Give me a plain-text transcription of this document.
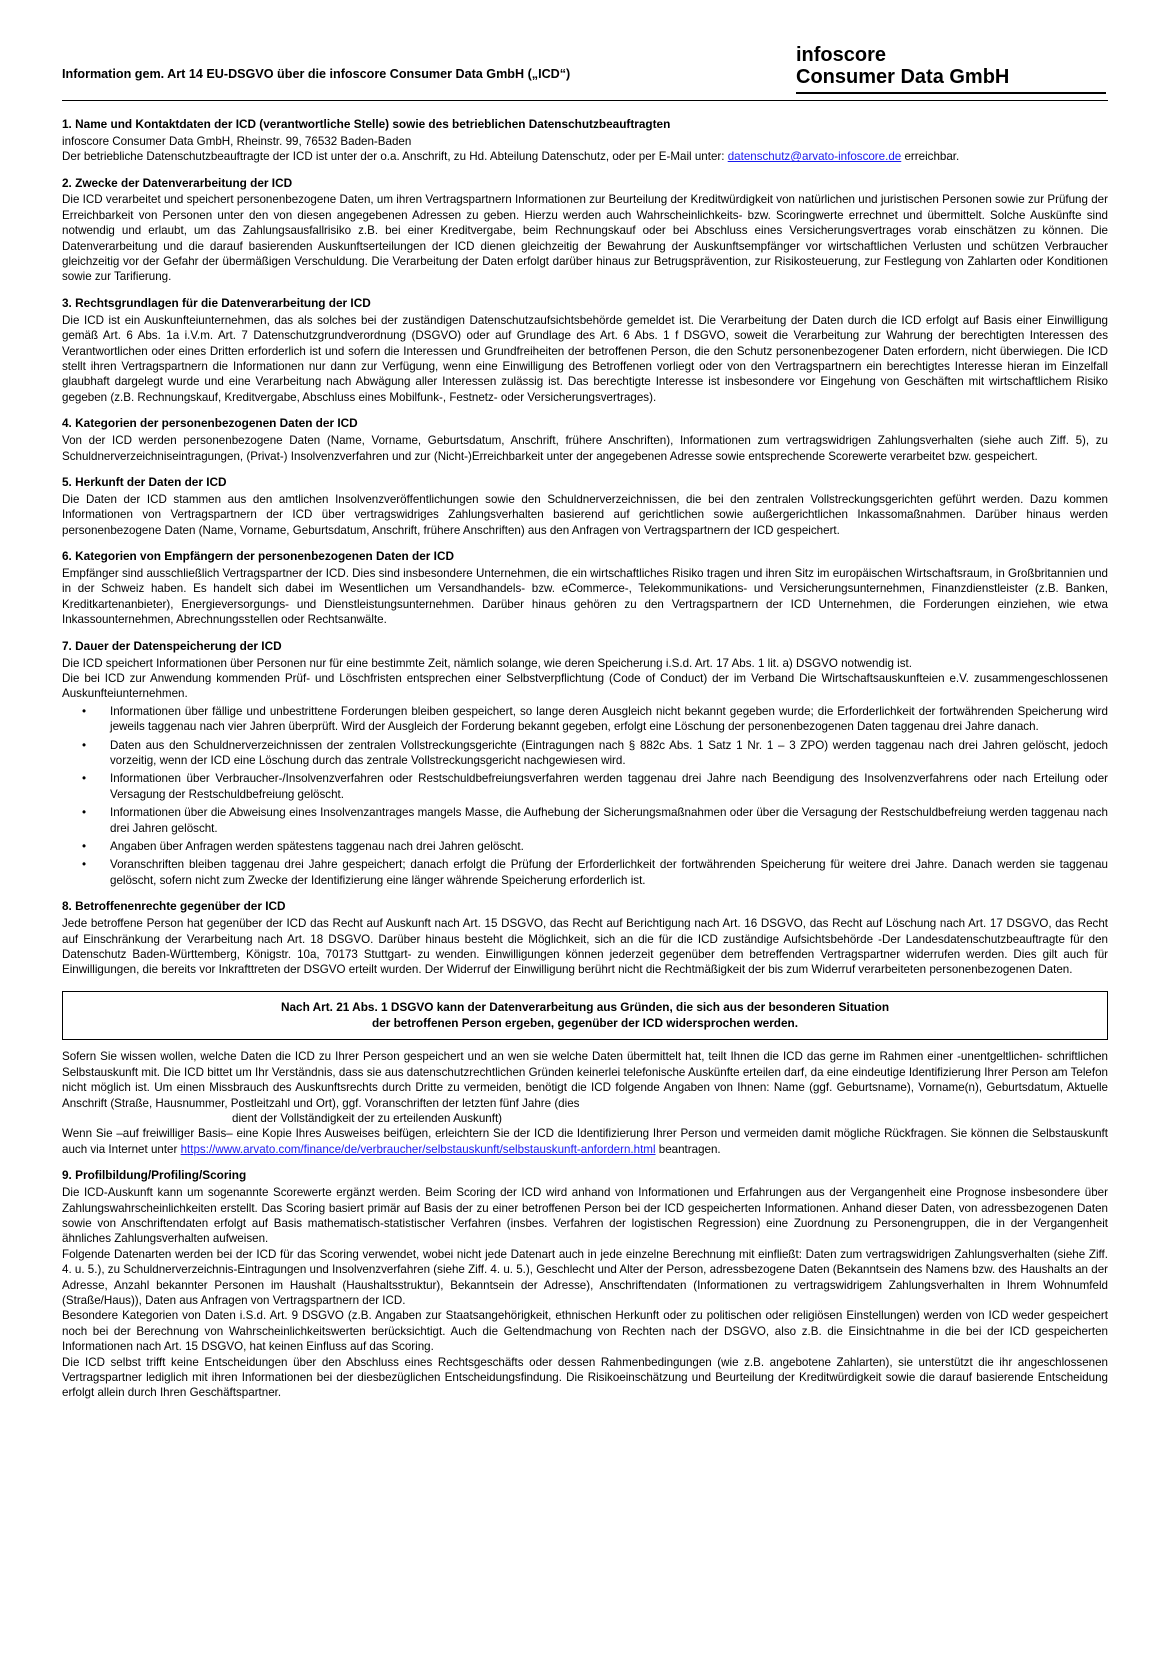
Information gem. Art 14 EU-DSGVO über die infoscore Consumer Data GmbH („ICD“)
infoscore
Consumer Data GmbH
1. Name und Kontaktdaten der ICD (verantwortliche Stelle) sowie des betrieblichen Datenschutzbeauftragten

infoscore Consumer Data GmbH, Rheinstr. 99, 76532 Baden-Baden

Der betriebliche Datenschutzbeauftragte der ICD ist unter der o.a. Anschrift, zu Hd. Abteilung Datenschutz, oder per E-Mail unter: datenschutz@arvato-infoscore.de erreichbar.

2. Zwecke der Datenverarbeitung der ICD

Die ICD verarbeitet und speichert personenbezogene Daten, um ihren Vertragspartnern Informationen zur Beurteilung der Kreditwürdigkeit von natürlichen und juristischen Personen sowie zur Prüfung der Erreichbarkeit von Personen unter den von diesen angegebenen Adressen zu geben. Hierzu werden auch Wahrscheinlichkeits- bzw. Scoringwerte errechnet und übermittelt. Solche Auskünfte sind notwendig und erlaubt, um das Zahlungsausfallrisiko z.B. bei einer Kreditvergabe, beim Rechnungskauf oder bei Abschluss eines Versicherungsvertrages vorab einschätzen zu können. Die Datenverarbeitung und die darauf basierenden Auskunftserteilungen der ICD dienen gleichzeitig der Bewahrung der Auskunftsempfänger vor wirtschaftlichen Verlusten und schützen Verbraucher gleichzeitig vor der Gefahr der übermäßigen Verschuldung. Die Verarbeitung der Daten erfolgt darüber hinaus zur Betrugsprävention, zur Risikosteuerung, zur Festlegung von Zahlarten oder Konditionen sowie zur Tarifierung.

3. Rechtsgrundlagen für die Datenverarbeitung der ICD

Die ICD ist ein Auskunfteiunternehmen, das als solches bei der zuständigen Datenschutzaufsichtsbehörde gemeldet ist. Die Verarbeitung der Daten durch die ICD erfolgt auf Basis einer Einwilligung gemäß Art. 6 Abs. 1a i.V.m. Art. 7 Datenschutzgrundverordnung (DSGVO) oder auf Grundlage des Art. 6 Abs. 1 f DSGVO, soweit die Verarbeitung zur Wahrung der berechtigten Interessen des Verantwortlichen oder eines Dritten erforderlich ist und sofern die Interessen und Grundfreiheiten der betroffenen Person, die den Schutz personenbezogener Daten erfordern, nicht überwiegen. Die ICD stellt ihren Vertragspartnern die Informationen nur dann zur Verfügung, wenn eine Einwilligung des Betroffenen vorliegt oder von den Vertragspartnern ein berechtigtes Interesse hieran im Einzelfall glaubhaft dargelegt wurde und eine Verarbeitung nach Abwägung aller Interessen zulässig ist. Das berechtigte Interesse ist insbesondere vor Eingehung von Geschäften mit wirtschaftlichem Risiko gegeben (z.B. Rechnungskauf, Kreditvergabe, Abschluss eines Mobilfunk-, Festnetz- oder Versicherungsvertrages).

4. Kategorien der personenbezogenen Daten der ICD

Von der ICD werden personenbezogene Daten (Name, Vorname, Geburtsdatum, Anschrift, frühere Anschriften), Informationen zum vertragswidrigen Zahlungsverhalten (siehe auch Ziff. 5), zu Schuldnerverzeichniseintragungen, (Privat-) Insolvenzverfahren und zur (Nicht-)Erreichbarkeit unter der angegebenen Adresse sowie entsprechende Scorewerte verarbeitet bzw. gespeichert.

5. Herkunft der Daten der ICD

Die Daten der ICD stammen aus den amtlichen Insolvenzveröffentlichungen sowie den Schuldnerverzeichnissen, die bei den zentralen Vollstreckungsgerichten geführt werden. Dazu kommen Informationen von Vertragspartnern der ICD über vertragswidriges Zahlungsverhalten basierend auf gerichtlichen sowie außergerichtlichen Inkassomaßnahmen. Darüber hinaus werden personenbezogene Daten (Name, Vorname, Geburtsdatum, Anschrift, frühere Anschriften) aus den Anfragen von Vertragspartnern der ICD gespeichert.

6. Kategorien von Empfängern der personenbezogenen Daten der ICD

Empfänger sind ausschließlich Vertragspartner der ICD. Dies sind insbesondere Unternehmen, die ein wirtschaftliches Risiko tragen und ihren Sitz im europäischen Wirtschaftsraum, in Großbritannien und in der Schweiz haben. Es handelt sich dabei im Wesentlichen um Versandhandels- bzw. eCommerce-, Telekommunikations- und Versicherungsunternehmen, Finanzdienstleister (z.B. Banken, Kreditkartenanbieter), Energieversorgungs- und Dienstleistungsunternehmen. Darüber hinaus gehören zu den Vertragspartnern der ICD Unternehmen, die Forderungen einziehen, wie etwa Inkassounternehmen, Abrechnungsstellen oder Rechtsanwälte.

7. Dauer der Datenspeicherung der ICD

Die ICD speichert Informationen über Personen nur für eine bestimmte Zeit, nämlich solange, wie deren Speicherung i.S.d. Art. 17 Abs. 1 lit. a) DSGVO notwendig ist.

Die bei ICD zur Anwendung kommenden Prüf- und Löschfristen entsprechen einer Selbstverpflichtung (Code of Conduct) der im Verband Die Wirtschaftsauskunfteien e.V. zusammengeschlossenen Auskunfteiunternehmen.

• Informationen über fällige und unbestrittene Forderungen bleiben gespeichert, so lange deren Ausgleich nicht bekannt gegeben wurde; die Erforderlichkeit der fortwährenden Speicherung wird jeweils taggenau nach vier Jahren überprüft. Wird der Ausgleich der Forderung bekannt gegeben, erfolgt eine Löschung der personenbezogenen Daten taggenau drei Jahre danach.
• Daten aus den Schuldnerverzeichnissen der zentralen Vollstreckungsgerichte (Eintragungen nach § 882c Abs. 1 Satz 1 Nr. 1 – 3 ZPO) werden taggenau nach drei Jahren gelöscht, jedoch vorzeitig, wenn der ICD eine Löschung durch das zentrale Vollstreckungsgericht nachgewiesen wird.
• Informationen über Verbraucher-/Insolvenzverfahren oder Restschuldbefreiungsverfahren werden taggenau drei Jahre nach Beendigung des Insolvenzverfahrens oder nach Erteilung oder Versagung der Restschuldbefreiung gelöscht.
• Informationen über die Abweisung eines Insolvenzantrages mangels Masse, die Aufhebung der Sicherungsmaßnahmen oder über die Versagung der Restschuldbefreiung werden taggenau nach drei Jahren gelöscht.
• Angaben über Anfragen werden spätestens taggenau nach drei Jahren gelöscht.
• Voranschriften bleiben taggenau drei Jahre gespeichert; danach erfolgt die Prüfung der Erforderlichkeit der fortwährenden Speicherung für weitere drei Jahre. Danach werden sie taggenau gelöscht, sofern nicht zum Zwecke der Identifizierung eine länger währende Speicherung erforderlich ist.
8. Betroffenenrechte gegenüber der ICD

Jede betroffene Person hat gegenüber der ICD das Recht auf Auskunft nach Art. 15 DSGVO, das Recht auf Berichtigung nach Art. 16 DSGVO, das Recht auf Löschung nach Art. 17 DSGVO, das Recht auf Einschränkung der Verarbeitung nach Art. 18 DSGVO. Darüber hinaus besteht die Möglichkeit, sich an die für die ICD zuständige Aufsichtsbehörde -Der Landesdatenschutzbeauftragte für den Datenschutz Baden-Württemberg, Königstr. 10a, 70173 Stuttgart- zu wenden. Einwilligungen können jederzeit gegenüber dem betreffenden Vertragspartner widerrufen werden. Dies gilt auch für Einwilligungen, die bereits vor Inkrafttreten der DSGVO erteilt wurden. Der Widerruf der Einwilligung berührt nicht die Rechtmäßigkeit der bis zum Widerruf verarbeiteten personenbezogenen Daten.

Nach Art. 21 Abs. 1 DSGVO kann der Datenverarbeitung aus Gründen, die sich aus der besonderen Situation
der betroffenen Person ergeben, gegenüber der ICD widersprochen werden.

Sofern Sie wissen wollen, welche Daten die ICD zu Ihrer Person gespeichert und an wen sie welche Daten übermittelt hat, teilt Ihnen die ICD das gerne im Rahmen einer -unentgeltlichen- schriftlichen Selbstauskunft mit. Die ICD bittet um Ihr Verständnis, dass sie aus datenschutzrechtlichen Gründen keinerlei telefonische Auskünfte erteilen darf, da eine eindeutige Identifizierung Ihrer Person am Telefon nicht möglich ist. Um einen Missbrauch des Auskunftsrechts durch Dritte zu vermeiden, benötigt die ICD folgende Angaben von Ihnen: Name (ggf. Geburtsname), Vorname(n), Geburtsdatum, Aktuelle Anschrift (Straße, Hausnummer, Postleitzahl und Ort), ggf. Voranschriften der letzten fünf Jahre (dies
dient der Vollständigkeit der zu erteilenden Auskunft)

Wenn Sie –auf freiwilliger Basis– eine Kopie Ihres Ausweises beifügen, erleichtern Sie der ICD die Identifizierung Ihrer Person und vermeiden damit mögliche Rückfragen. Sie können die Selbstauskunft auch via Internet unter https://www.arvato.com/finance/de/verbraucher/selbstauskunft/selbstauskunft-anfordern.html beantragen.

9. Profilbildung/Profiling/Scoring

Die ICD-Auskunft kann um sogenannte Scorewerte ergänzt werden. Beim Scoring der ICD wird anhand von Informationen und Erfahrungen aus der Vergangenheit eine Prognose insbesondere über Zahlungswahrscheinlichkeiten erstellt. Das Scoring basiert primär auf Basis der zu einer betroffenen Person bei der ICD gespeicherten Informationen. Anhand dieser Daten, von adressbezogenen Daten sowie von Anschriftendaten erfolgt auf Basis mathematisch-statistischer Verfahren (insbes. Verfahren der logistischen Regression) eine Zuordnung zu Personengruppen, die in der Vergangenheit ähnliches Zahlungsverhalten aufweisen.

Folgende Datenarten werden bei der ICD für das Scoring verwendet, wobei nicht jede Datenart auch in jede einzelne Berechnung mit einfließt: Daten zum vertragswidrigen Zahlungsverhalten (siehe Ziff. 4. u. 5.), zu Schuldnerverzeichnis-Eintragungen und Insolvenzverfahren (siehe Ziff. 4. u. 5.), Geschlecht und Alter der Person, adressbezogene Daten (Bekanntsein des Namens bzw. des Haushalts an der Adresse, Anzahl bekannter Personen im Haushalt (Haushaltsstruktur), Bekanntsein der Adresse), Anschriftendaten (Informationen zu vertragswidrigem Zahlungsverhalten in Ihrem Wohnumfeld (Straße/Haus)), Daten aus Anfragen von Vertragspartnern der ICD.

Besondere Kategorien von Daten i.S.d. Art. 9 DSGVO (z.B. Angaben zur Staatsangehörigkeit, ethnischen Herkunft oder zu politischen oder religiösen Einstellungen) werden von ICD weder gespeichert noch bei der Berechnung von Wahrscheinlichkeitswerten berücksichtigt. Auch die Geltendmachung von Rechten nach der DSGVO, also z.B. die Einsichtnahme in die bei der ICD gespeicherten Informationen nach Art. 15 DSGVO, hat keinen Einfluss auf das Scoring.

Die ICD selbst trifft keine Entscheidungen über den Abschluss eines Rechtsgeschäfts oder dessen Rahmenbedingungen (wie z.B. angebotene Zahlarten), sie unterstützt die ihr angeschlossenen Vertragspartner lediglich mit ihren Informationen bei der diesbezüglichen Entscheidungsfindung. Die Risikoeinschätzung und Beurteilung der Kreditwürdigkeit sowie die darauf basierende Entscheidung erfolgt allein durch Ihren Geschäftspartner.
